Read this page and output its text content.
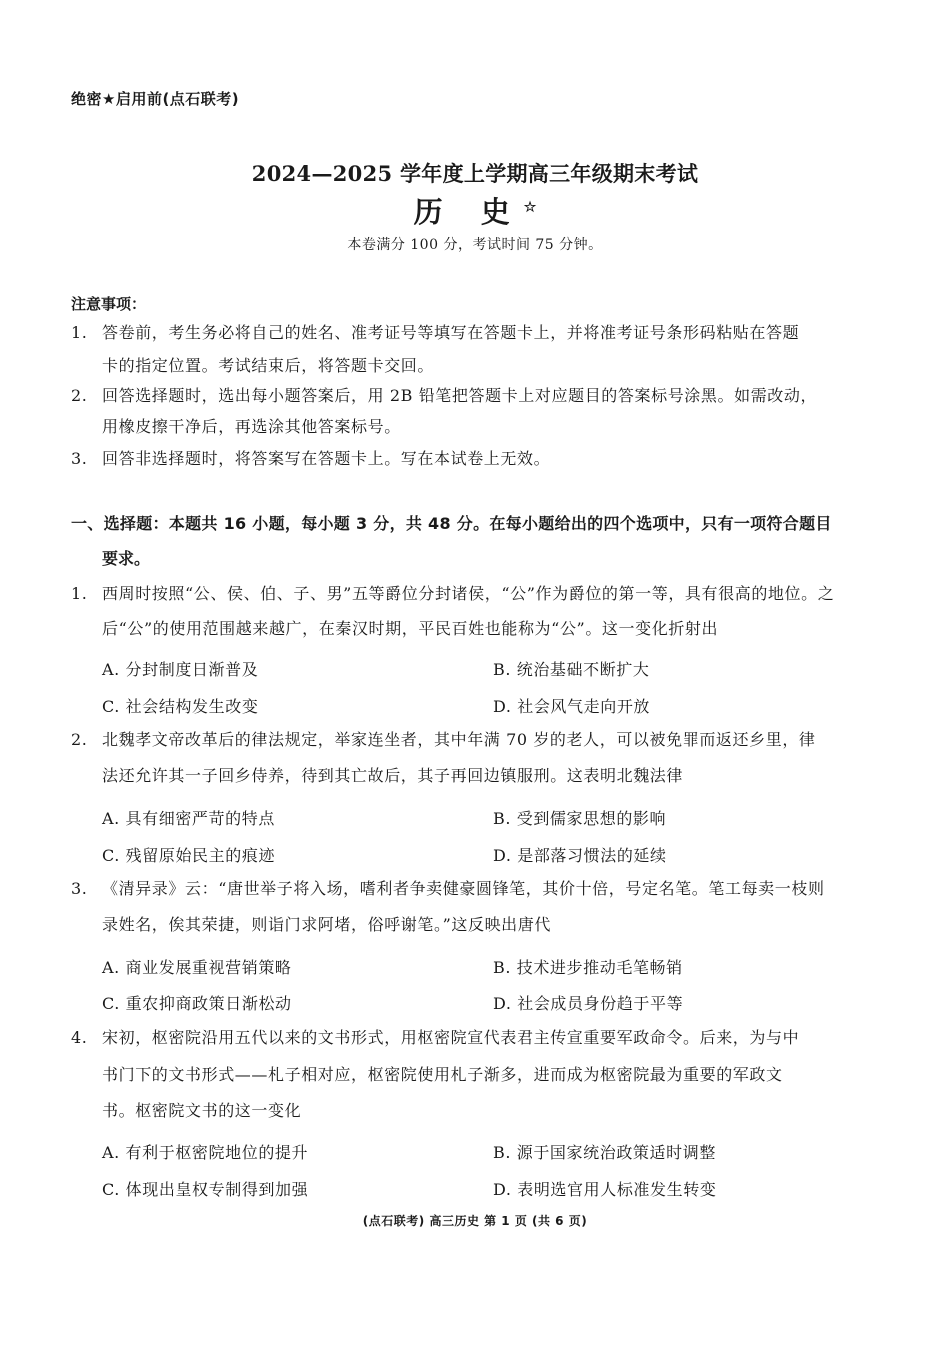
绝密★启用前(点石联考)
2024—2025 学年度上学期高三年级期末考试
历 史☆
本卷满分 100 分，考试时间 75 分钟。
注意事项：
1. 答卷前，考生务必将自己的姓名、准考证号等填写在答题卡上，并将准考证号条形码粘贴在答题
卡的指定位置。考试结束后，将答题卡交回。
2. 回答选择题时，选出每小题答案后，用 2B 铅笔把答题卡上对应题目的答案标号涂黑。如需改动，
用橡皮擦干净后，再选涂其他答案标号。
3. 回答非选择题时，将答案写在答题卡上。写在本试卷上无效。
一、选择题：本题共 16 小题，每小题 3 分，共 48 分。在每小题给出的四个选项中，只有一项符合题目
要求。
1. 西周时按照“公、侯、伯、子、男”五等爵位分封诸侯，“公”作为爵位的第一等，具有很高的地位。之
后“公”的使用范围越来越广，在秦汉时期，平民百姓也能称为“公”。这一变化折射出
A. 分封制度日渐普及	B. 统治基础不断扩大
C. 社会结构发生改变	D. 社会风气走向开放
2. 北魏孝文帝改革后的律法规定，举家连坐者，其中年满 70 岁的老人，可以被免罪而返还乡里，律
法还允许其一子回乡侍养，待到其亡故后，其子再回边镇服刑。这表明北魏法律
A. 具有细密严苛的特点	B. 受到儒家思想的影响
C. 残留原始民主的痕迹	D. 是部落习惯法的延续
3. 《清异录》云：“唐世举子将入场，嗜利者争卖健豪圆锋笔，其价十倍，号定名笔。笔工每卖一枝则
录姓名，俟其荣捷，则诣门求阿堵，俗呼谢笔。”这反映出唐代
A. 商业发展重视营销策略	B. 技术进步推动毛笔畅销
C. 重农抑商政策日渐松动	D. 社会成员身份趋于平等
4. 宋初，枢密院沿用五代以来的文书形式，用枢密院宣代表君主传宣重要军政命令。后来，为与中
书门下的文书形式——札子相对应，枢密院使用札子渐多，进而成为枢密院最为重要的军政文
书。枢密院文书的这一变化
A. 有利于枢密院地位的提升	B. 源于国家统治政策适时调整
C. 体现出皇权专制得到加强	D. 表明选官用人标准发生转变
(点石联考) 高三历史 第 1 页 (共 6 页)
